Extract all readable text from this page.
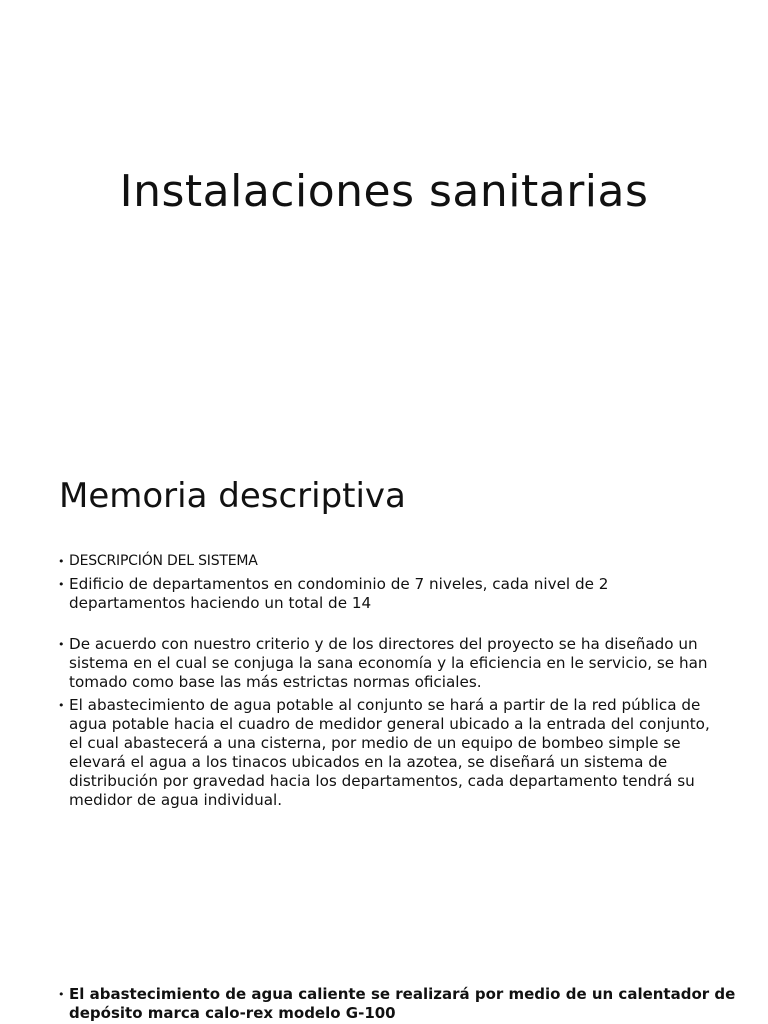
Instalaciones sanitarias
Memoria descriptiva
• DESCRIPCIÓN DEL SISTEMA
• Edificio de departamentos en condominio de 7 niveles, cada nivel de 2 departamentos haciendo un total de 14
• De acuerdo con nuestro criterio y de los directores del proyecto se ha diseñado un sistema en el cual se conjuga la sana economía y la eficiencia en le servicio, se han tomado como base las más estrictas normas oficiales.
• El abastecimiento de agua potable al conjunto se hará a partir de la red pública de agua potable hacia el cuadro de medidor general ubicado a la entrada del conjunto, el cual abastecerá a una cisterna, por medio de un equipo de bombeo simple se elevará el agua a los tinacos ubicados en la azotea, se diseñará un sistema de distribución por gravedad hacia los departamentos, cada departamento tendrá su medidor de agua individual.
• El abastecimiento de agua caliente se realizará por medio de un calentador de depósito marca calo-rex modelo G-100
